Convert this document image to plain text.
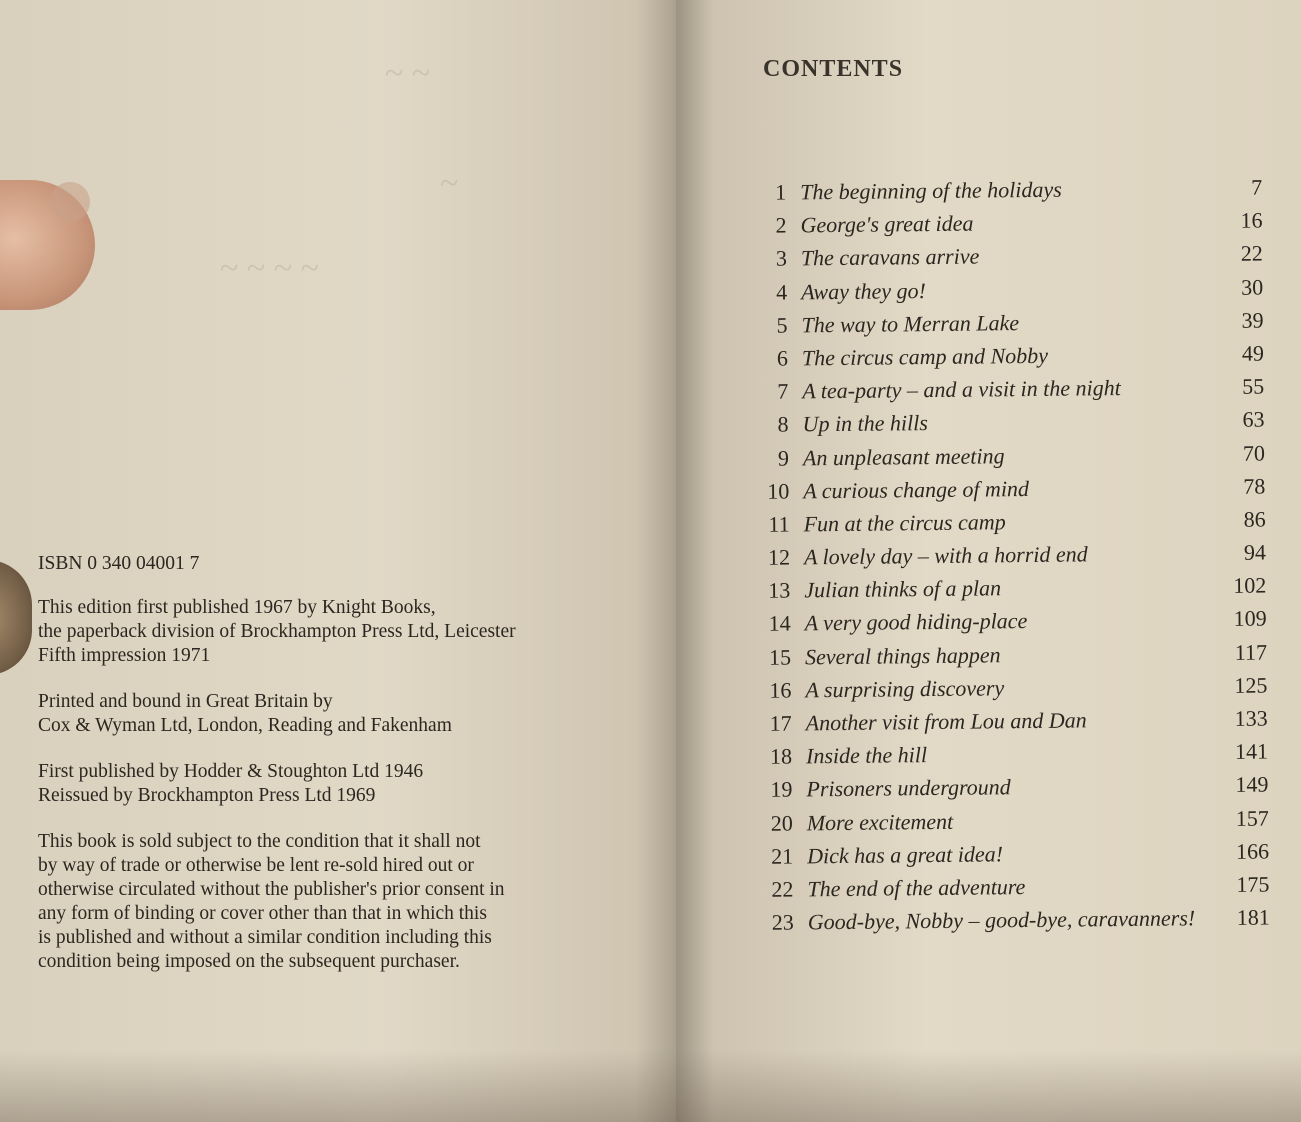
~ ~
~
~ ~ ~ ~
ISBN 0 340 04001 7
This edition first published 1967 by Knight Books,
the paperback division of Brockhampton Press Ltd, Leicester
Fifth impression 1971
Printed and bound in Great Britain by
Cox & Wyman Ltd, London, Reading and Fakenham
First published by Hodder & Stoughton Ltd 1946
Reissued by Brockhampton Press Ltd 1969
This book is sold subject to the condition that it shall not
by way of trade or otherwise be lent re-sold hired out or
otherwise circulated without the publisher's prior consent in
any form of binding or cover other than that in which this
is published and without a similar condition including this
condition being imposed on the subsequent purchaser.
CONTENTS
1 The beginning of the holidays	7
2 George's great idea	16
3 The caravans arrive	22
4 Away they go!	30
5 The way to Merran Lake	39
6 The circus camp and Nobby	49
7 A tea-party – and a visit in the night	55
8 Up in the hills	63
9 An unpleasant meeting	70
10 A curious change of mind	78
11 Fun at the circus camp	86
12 A lovely day – with a horrid end	94
13 Julian thinks of a plan	102
14 A very good hiding-place	109
15 Several things happen	117
16 A surprising discovery	125
17 Another visit from Lou and Dan	133
18 Inside the hill	141
19 Prisoners underground	149
20 More excitement	157
21 Dick has a great idea!	166
22 The end of the adventure	175
23 Good-bye, Nobby – good-bye, caravanners!	181
